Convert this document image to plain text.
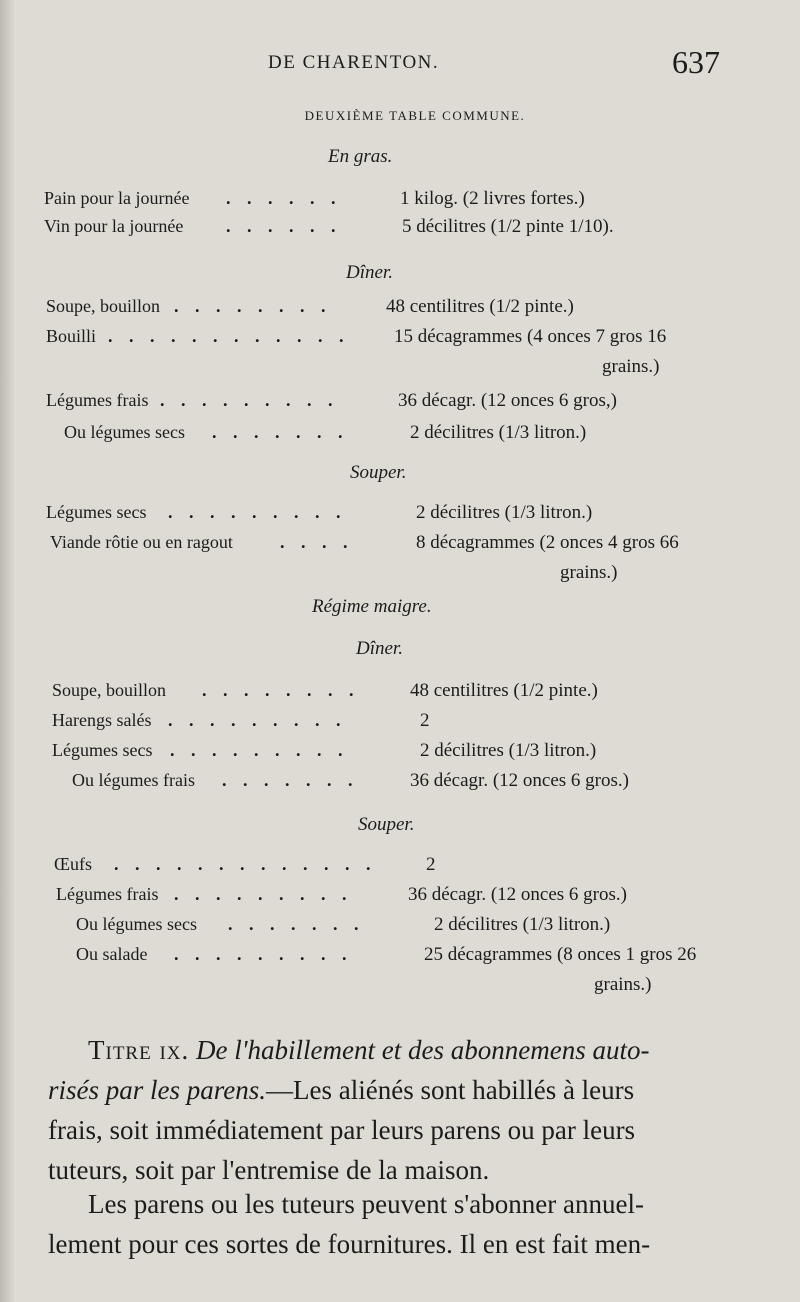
DE CHARENTON.	637
DEUXIÈME TABLE COMMUNE.
En gras.
Pain pour la journée . . . . . .	1 kilog. (2 livres fortes.)
Vin pour la journée . . . . . .	5 décilitres (1/2 pinte 1/10).
Dîner.
Soupe, bouillon . . . . . . . .	48 centilitres (1/2 pinte.)
Bouilli . . . . . . . . . . . . 15 décagrammes (4 onces 7 gros 16
grains.)
Légumes frais . . . . . . . . .	36 décagr. (12 onces 6 gros,)
Ou légumes secs . . . . . . .	2 décilitres (1/3 litron.)
Souper.
Légumes secs . . . . . . . . .	2 décilitres (1/3 litron.)
Viande rôtie ou en ragout	. . . .	8 décagrammes (2 onces 4 gros 66
grains.)
Régime maigre.
Dîner.
Soupe, bouillon . . . . . . . .	48 centilitres (1/2 pinte.)
Harengs salés . . . . . . . . .	2
Légumes secs . . . . . . . . .	2 décilitres (1/3 litron.)
Ou légumes frais . . . . . . .	36 décagr. (12 onces 6 gros.)
Souper.
Œufs . . . . . . . . . . . . .	2
Légumes frais . . . . . . . . .	36 décagr. (12 onces 6 gros.)
Ou légumes secs . . . . . . .	2 décilitres (1/3 litron.)
Ou salade . . . . . . . . .	25 décagrammes (8 onces 1 gros 26
grains.)
Titre ix. De l'habillement et des abonnemens auto-
risés par les parens.—Les aliénés sont habillés à leurs
frais, soit immédiatement par leurs parens ou par leurs
tuteurs, soit par l'entremise de la maison.
Les parens ou les tuteurs peuvent s'abonner annuel-
lement pour ces sortes de fournitures. Il en est fait men-
